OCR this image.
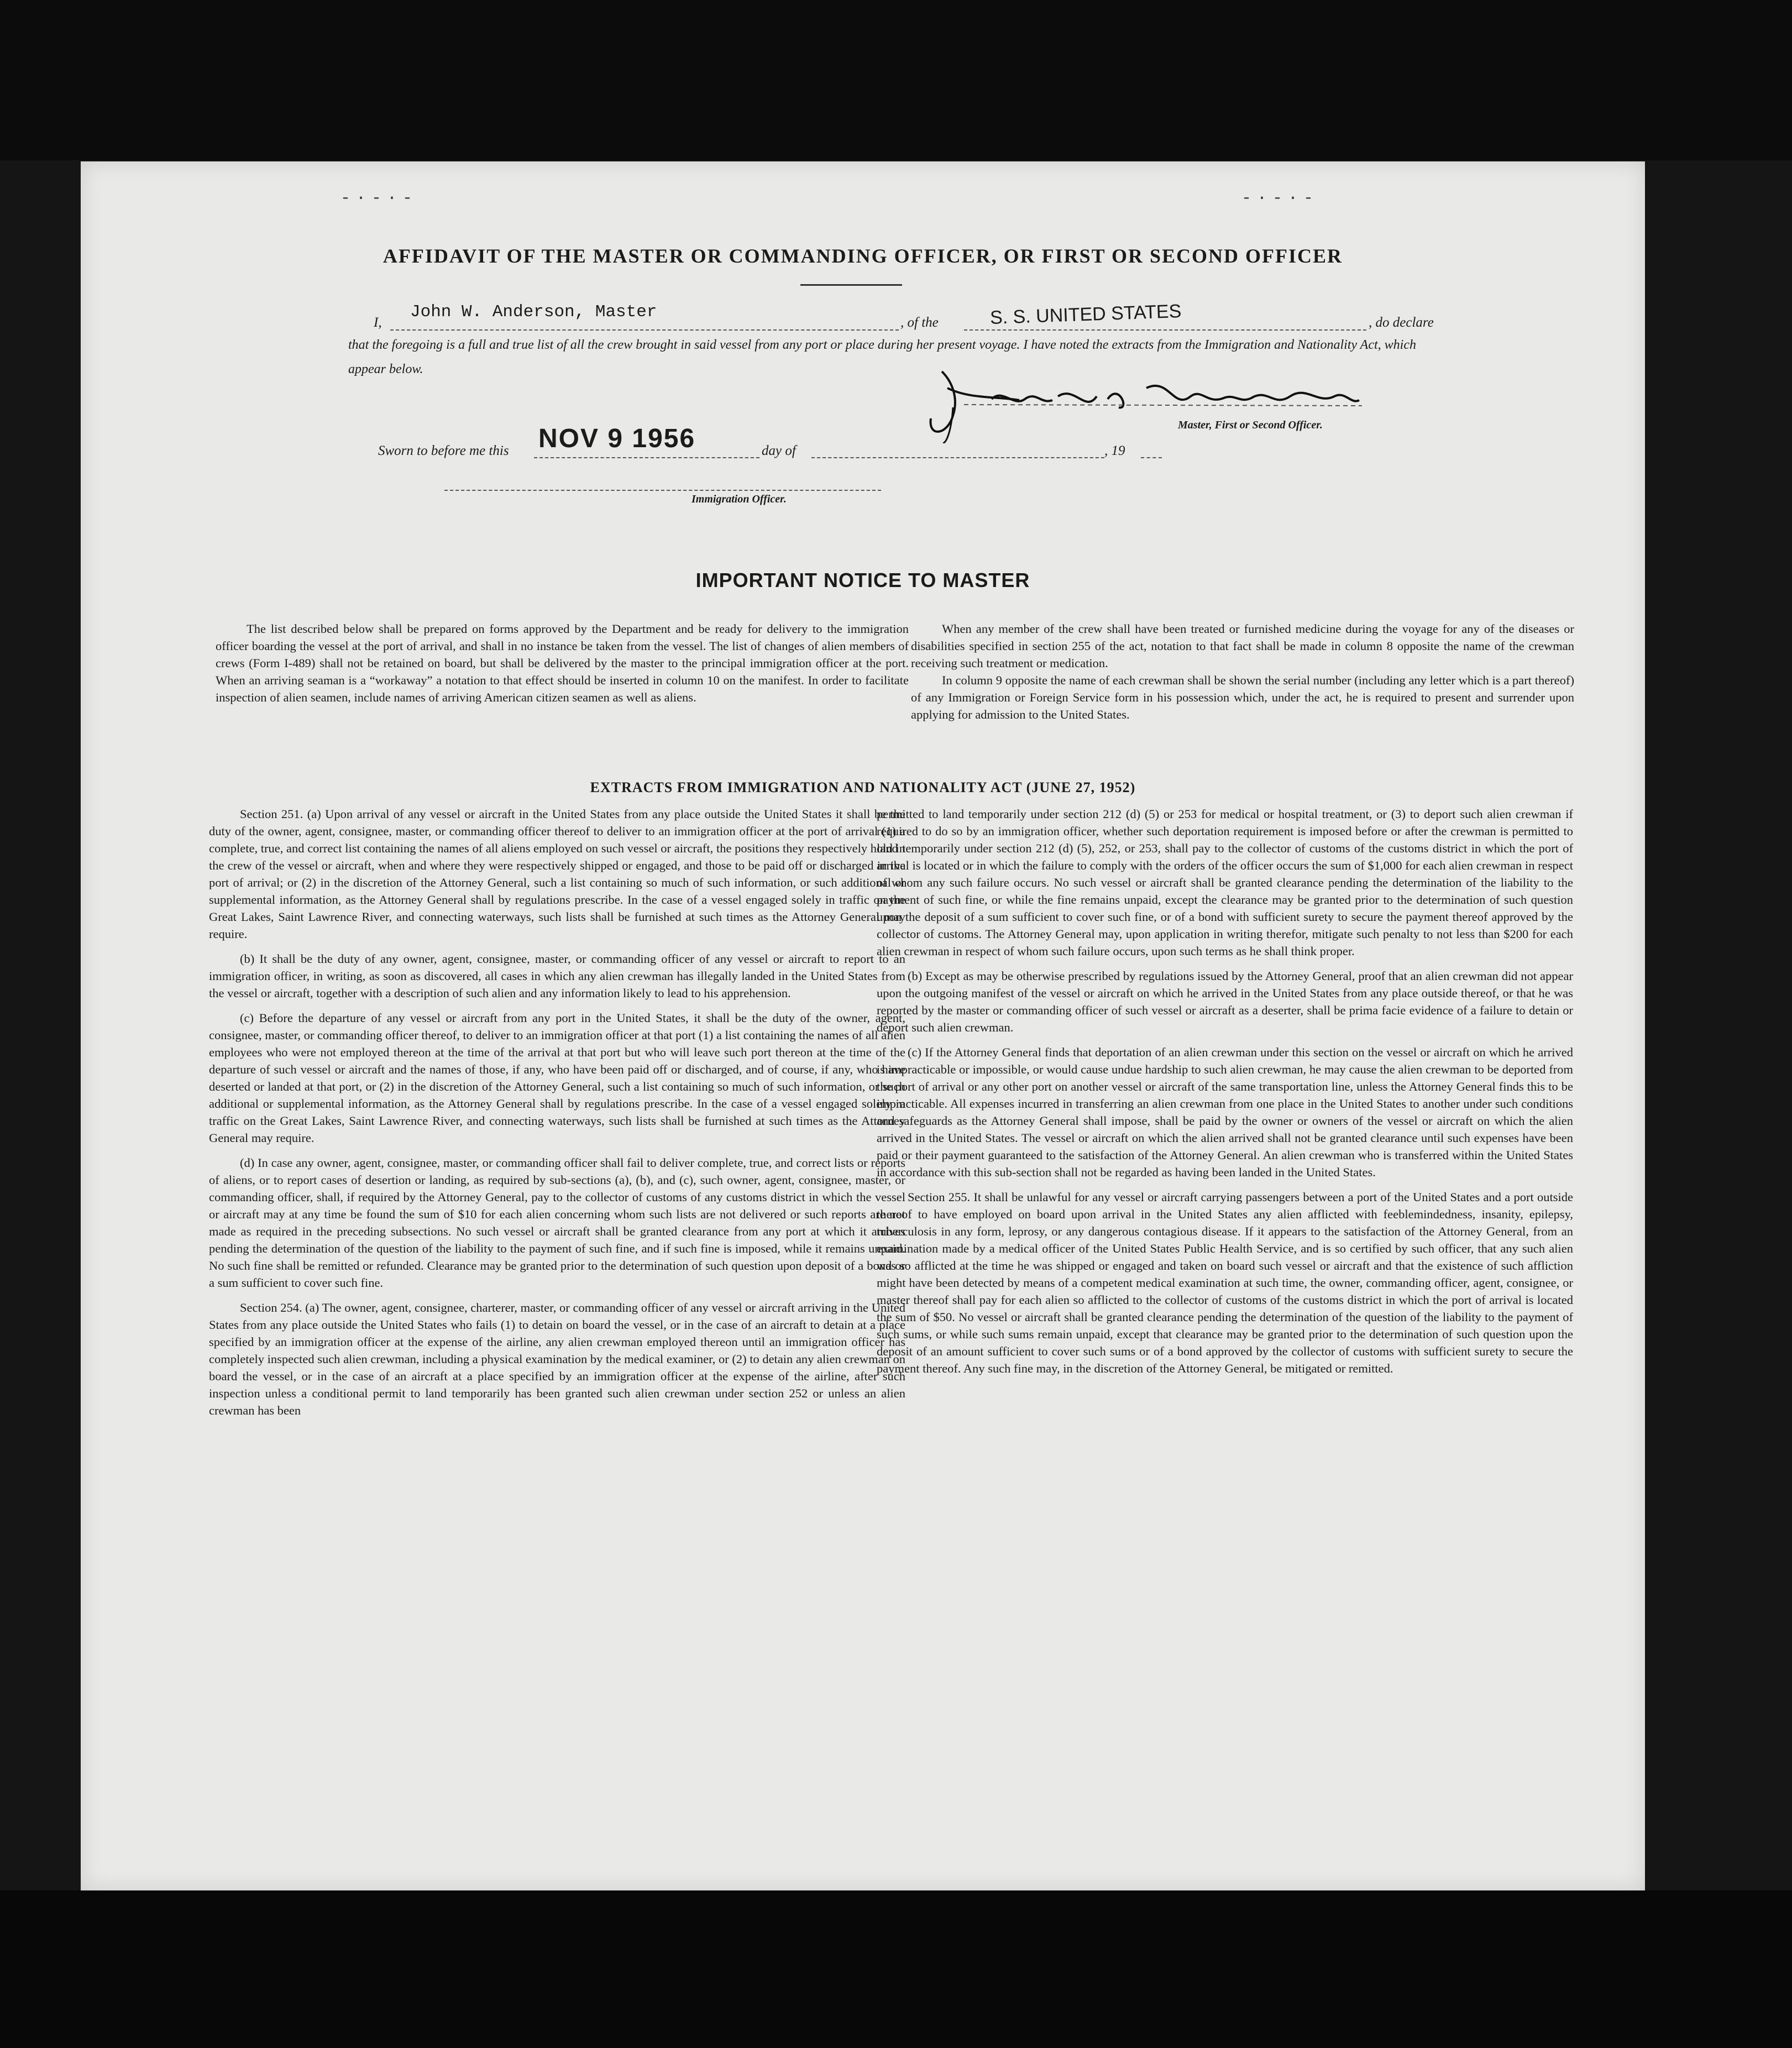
-·-·-	-·-·-
AFFIDAVIT OF THE MASTER OR COMMANDING OFFICER, OR FIRST OR SECOND OFFICER
I,
John W. Anderson, Master
, of the	S. S. UNITED STATES	, do declare
that the foregoing is a full and true list of all the crew brought in said vessel from any port or place during her present voyage. I have noted the extracts from the Immigration and Nationality Act, which appear below.
Master, First or Second Officer.
Sworn to before me this NOV 9 1956	day of	, 19
Immigration Officer.
IMPORTANT NOTICE TO MASTER

The list described below shall be prepared on forms approved by the Department and be ready for delivery to the immigration officer boarding the vessel at the port of arrival, and shall in no instance be taken from the vessel. The list of changes of alien members of crews (Form I-489) shall not be retained on board, but shall be delivered by the master to the principal immigration officer at the port. When an arriving seaman is a “workaway” a notation to that effect should be inserted in column 10 on the manifest. In order to facilitate inspection of alien seamen, include names of arriving American citizen seamen as well as aliens.

When any member of the crew shall have been treated or furnished medicine during the voyage for any of the diseases or disabilities specified in section 255 of the act, notation to that fact shall be made in column 8 opposite the name of the crewman receiving such treatment or medication.

In column 9 opposite the name of each crewman shall be shown the serial number (including any letter which is a part thereof) of any Immigration or Foreign Service form in his possession which, under the act, he is required to present and surrender upon applying for admission to the United States.

EXTRACTS FROM IMMIGRATION AND NATIONALITY ACT (JUNE 27, 1952)

Section 251. (a) Upon arrival of any vessel or aircraft in the United States from any place outside the United States it shall be the duty of the owner, agent, consignee, master, or commanding officer thereof to deliver to an immigration officer at the port of arrival (1) a complete, true, and correct list containing the names of all aliens employed on such vessel or aircraft, the positions they respectively hold in the crew of the vessel or aircraft, when and where they were respectively shipped or engaged, and those to be paid off or discharged in the port of arrival; or (2) in the discretion of the Attorney General, such a list containing so much of such information, or such additional or supplemental information, as the Attorney General shall by regulations prescribe. In the case of a vessel engaged solely in traffic on the Great Lakes, Saint Lawrence River, and connecting waterways, such lists shall be furnished at such times as the Attorney General may require.

(b) It shall be the duty of any owner, agent, consignee, master, or commanding officer of any vessel or aircraft to report to an immigration officer, in writing, as soon as discovered, all cases in which any alien crewman has illegally landed in the United States from the vessel or aircraft, together with a description of such alien and any information likely to lead to his apprehension.

(c) Before the departure of any vessel or aircraft from any port in the United States, it shall be the duty of the owner, agent, consignee, master, or commanding officer thereof, to deliver to an immigration officer at that port (1) a list containing the names of all alien employees who were not employed thereon at the time of the arrival at that port but who will leave such port thereon at the time of the departure of such vessel or aircraft and the names of those, if any, who have been paid off or discharged, and of course, if any, who have deserted or landed at that port, or (2) in the discretion of the Attorney General, such a list containing so much of such information, or such additional or supplemental information, as the Attorney General shall by regulations prescribe. In the case of a vessel engaged solely in traffic on the Great Lakes, Saint Lawrence River, and connecting waterways, such lists shall be furnished at such times as the Attorney General may require.

(d) In case any owner, agent, consignee, master, or commanding officer shall fail to deliver complete, true, and correct lists or reports of aliens, or to report cases of desertion or landing, as required by sub-sections (a), (b), and (c), such owner, agent, consignee, master, or commanding officer, shall, if required by the Attorney General, pay to the collector of customs of any customs district in which the vessel or aircraft may at any time be found the sum of $10 for each alien concerning whom such lists are not delivered or such reports are not made as required in the preceding subsections. No such vessel or aircraft shall be granted clearance from any port at which it arrives pending the determination of the question of the liability to the payment of such fine, and if such fine is imposed, while it remains unpaid. No such fine shall be remitted or refunded. Clearance may be granted prior to the determination of such question upon deposit of a bond or a sum sufficient to cover such fine.

Section 254. (a) The owner, agent, consignee, charterer, master, or commanding officer of any vessel or aircraft arriving in the United States from any place outside the United States who fails (1) to detain on board the vessel, or in the case of an aircraft to detain at a place specified by an immigration officer at the expense of the airline, any alien crewman employed thereon until an immigration officer has completely inspected such alien crewman, including a physical examination by the medical examiner, or (2) to detain any alien crewman on board the vessel, or in the case of an aircraft at a place specified by an immigration officer at the expense of the airline, after such inspection unless a conditional permit to land temporarily has been granted such alien crewman under section 252 or unless an alien crewman has been

permitted to land temporarily under section 212 (d) (5) or 253 for medical or hospital treatment, or (3) to deport such alien crewman if required to do so by an immigration officer, whether such deportation requirement is imposed before or after the crewman is permitted to land temporarily under section 212 (d) (5), 252, or 253, shall pay to the collector of customs of the customs district in which the port of arrival is located or in which the failure to comply with the orders of the officer occurs the sum of $1,000 for each alien crewman in respect of whom any such failure occurs. No such vessel or aircraft shall be granted clearance pending the determination of the liability to the payment of such fine, or while the fine remains unpaid, except the clearance may be granted prior to the determination of such question upon the deposit of a sum sufficient to cover such fine, or of a bond with sufficient surety to secure the payment thereof approved by the collector of customs. The Attorney General may, upon application in writing therefor, mitigate such penalty to not less than $200 for each alien crewman in respect of whom such failure occurs, upon such terms as he shall think proper.

(b) Except as may be otherwise prescribed by regulations issued by the Attorney General, proof that an alien crewman did not appear upon the outgoing manifest of the vessel or aircraft on which he arrived in the United States from any place outside thereof, or that he was reported by the master or commanding officer of such vessel or aircraft as a deserter, shall be prima facie evidence of a failure to detain or deport such alien crewman.

(c) If the Attorney General finds that deportation of an alien crewman under this section on the vessel or aircraft on which he arrived is impracticable or impossible, or would cause undue hardship to such alien crewman, he may cause the alien crewman to be deported from the port of arrival or any other port on another vessel or aircraft of the same transportation line, unless the Attorney General finds this to be impracticable. All expenses incurred in transferring an alien crewman from one place in the United States to another under such conditions and safeguards as the Attorney General shall impose, shall be paid by the owner or owners of the vessel or aircraft on which the alien arrived in the United States. The vessel or aircraft on which the alien arrived shall not be granted clearance until such expenses have been paid or their payment guaranteed to the satisfaction of the Attorney General. An alien crewman who is transferred within the United States in accordance with this sub-section shall not be regarded as having been landed in the United States.

Section 255. It shall be unlawful for any vessel or aircraft carrying passengers between a port of the United States and a port outside thereof to have employed on board upon arrival in the United States any alien afflicted with feeblemindedness, insanity, epilepsy, tuberculosis in any form, leprosy, or any dangerous contagious disease. If it appears to the satisfaction of the Attorney General, from an examination made by a medical officer of the United States Public Health Service, and is so certified by such officer, that any such alien was so afflicted at the time he was shipped or engaged and taken on board such vessel or aircraft and that the existence of such affliction might have been detected by means of a competent medical examination at such time, the owner, commanding officer, agent, consignee, or master thereof shall pay for each alien so afflicted to the collector of customs of the customs district in which the port of arrival is located the sum of $50. No vessel or aircraft shall be granted clearance pending the determination of the question of the liability to the payment of such sums, or while such sums remain unpaid, except that clearance may be granted prior to the determination of such question upon the deposit of an amount sufficient to cover such sums or of a bond approved by the collector of customs with sufficient surety to secure the payment thereof. Any such fine may, in the discretion of the Attorney General, be mitigated or remitted.
